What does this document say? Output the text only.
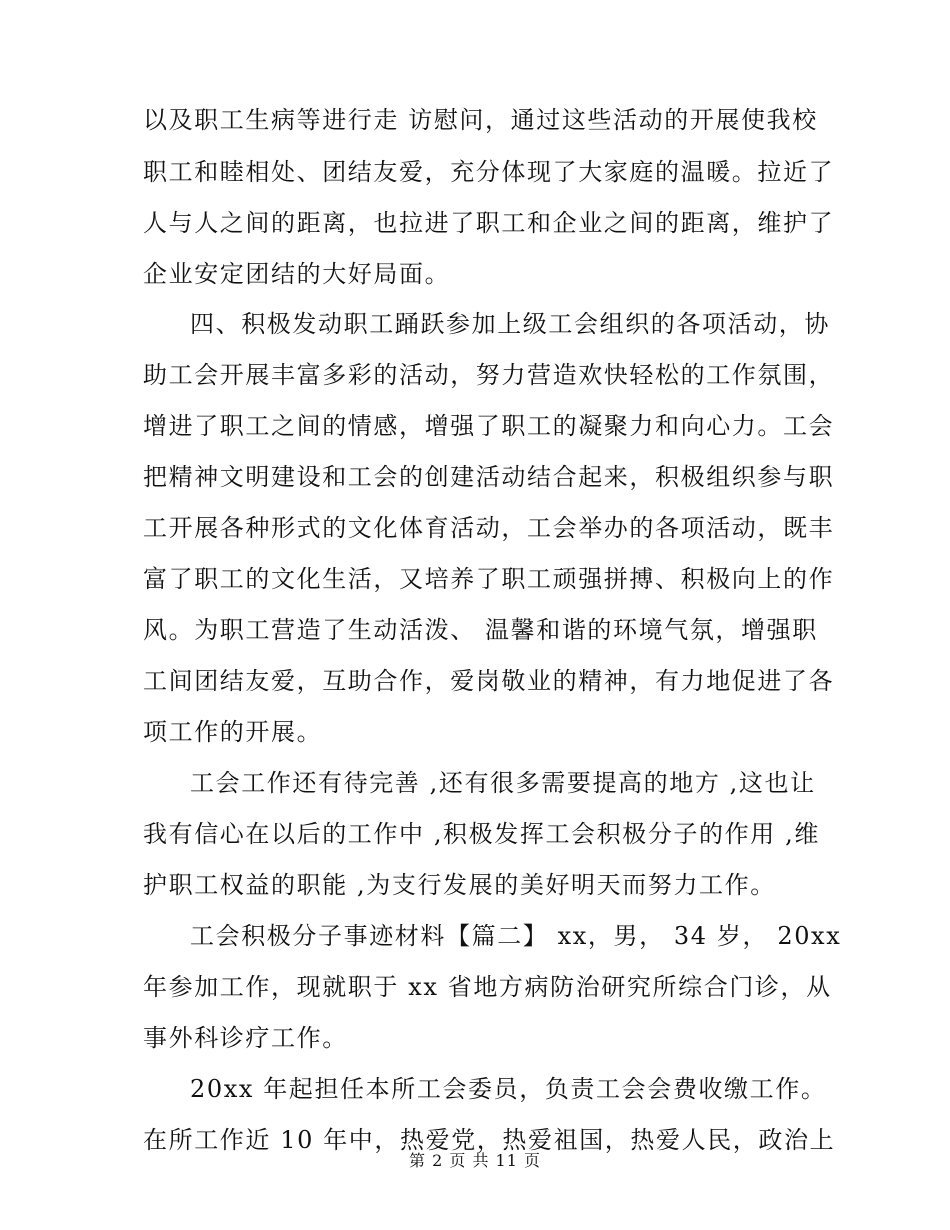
以及职工生病等进行走 访慰问，通过这些活动的开展使我校
职工和睦相处、团结友爱，充分体现了大家庭的温暖。拉近了
人与人之间的距离，也拉进了职工和企业之间的距离，维护了
企业安定团结的大好局面。
四、积极发动职工踊跃参加上级工会组织的各项活动，协
助工会开展丰富多彩的活动，努力营造欢快轻松的工作氛围，
增进了职工之间的情感，增强了职工的凝聚力和向心力。工会
把精神文明建设和工会的创建活动结合起来，积极组织参与职
工开展各种形式的文化体育活动，工会举办的各项活动，既丰
富了职工的文化生活，又培养了职工顽强拼搏、积极向上的作
风。为职工营造了生动活泼、 温馨和谐的环境气氛，增强职
工间团结友爱，互助合作，爱岗敬业的精神，有力地促进了各
项工作的开展。
工会工作还有待完善 ,还有很多需要提高的地方 ,这也让
我有信心在以后的工作中 ,积极发挥工会积极分子的作用 ,维
护职工权益的职能 ,为支行发展的美好明天而努力工作。
工会积极分子事迹材料【篇二】 xx，男， 34 岁， 20xx
年参加工作，现就职于 xx 省地方病防治研究所综合门诊，从
事外科诊疗工作。
20xx 年起担任本所工会委员，负责工会会费收缴工作。
在所工作近 10 年中，热爱党，热爱祖国，热爱人民，政治上
第 2 页 共 11 页
